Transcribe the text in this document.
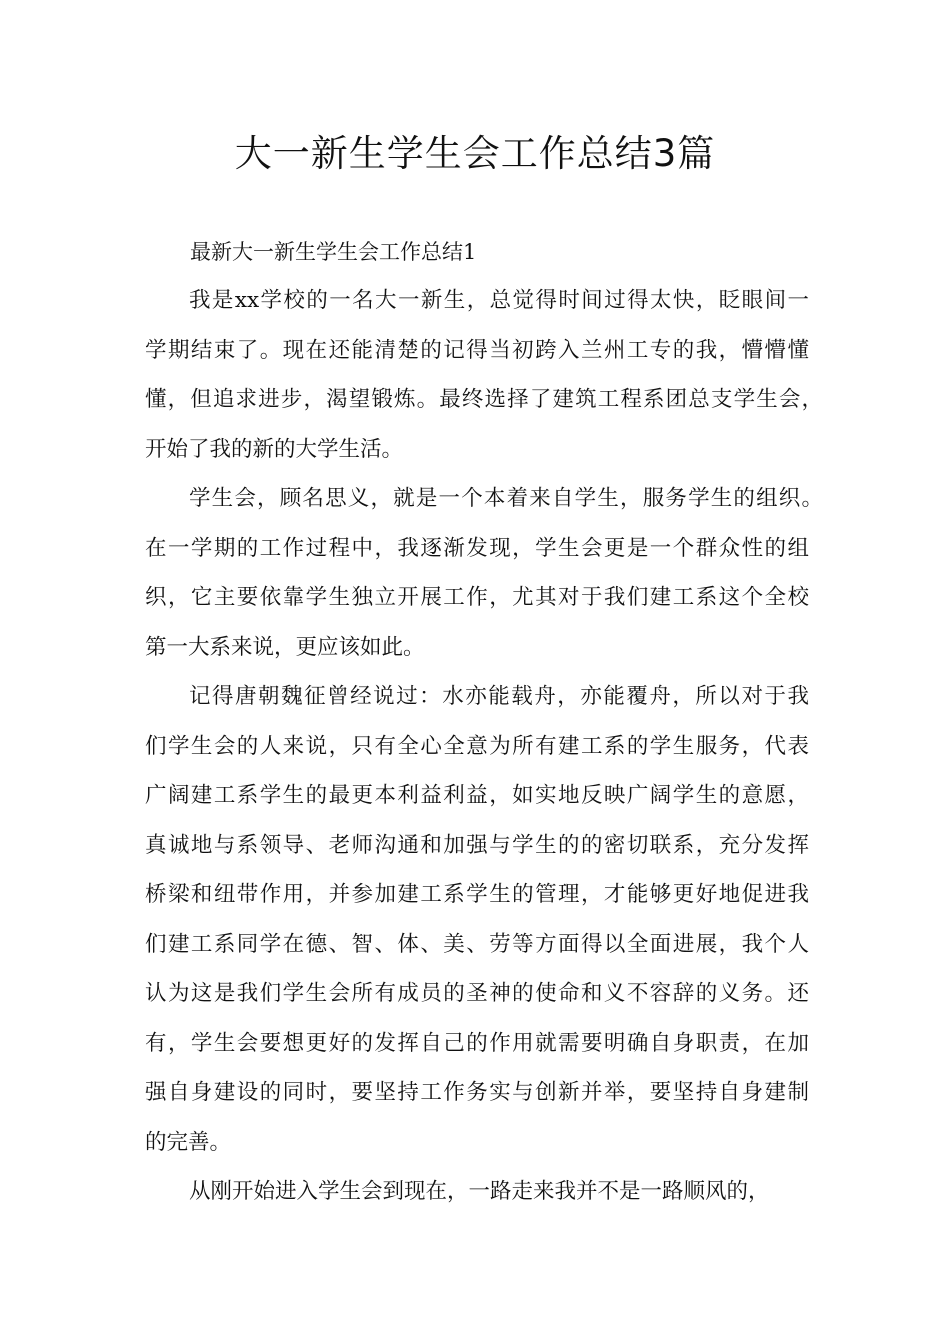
大一新生学生会工作总结3篇

最新大一新生学生会工作总结1

我是xx学校的一名大一新生，总觉得时间过得太快，眨眼间一
学期结束了。现在还能清楚的记得当初跨入兰州工专的我，懵懵懂
懂，但追求进步，渴望锻炼。最终选择了建筑工程系团总支学生会，
开始了我的新的大学生活。
学生会，顾名思义，就是一个本着来自学生，服务学生的组织。
在一学期的工作过程中，我逐渐发现，学生会更是一个群众性的组
织，它主要依靠学生独立开展工作，尤其对于我们建工系这个全校
第一大系来说，更应该如此。
记得唐朝魏征曾经说过：水亦能载舟，亦能覆舟，所以对于我
们学生会的人来说，只有全心全意为所有建工系的学生服务，代表
广阔建工系学生的最更本利益利益，如实地反映广阔学生的意愿，
真诚地与系领导、老师沟通和加强与学生的的密切联系，充分发挥
桥梁和纽带作用，并参加建工系学生的管理，才能够更好地促进我
们建工系同学在德、智、体、美、劳等方面得以全面进展，我个人
认为这是我们学生会所有成员的圣神的使命和义不容辞的义务。还
有，学生会要想更好的发挥自己的作用就需要明确自身职责，在加
强自身建设的同时，要坚持工作务实与创新并举，要坚持自身建制
的完善。
从刚开始进入学生会到现在，一路走来我并不是一路顺风的，
